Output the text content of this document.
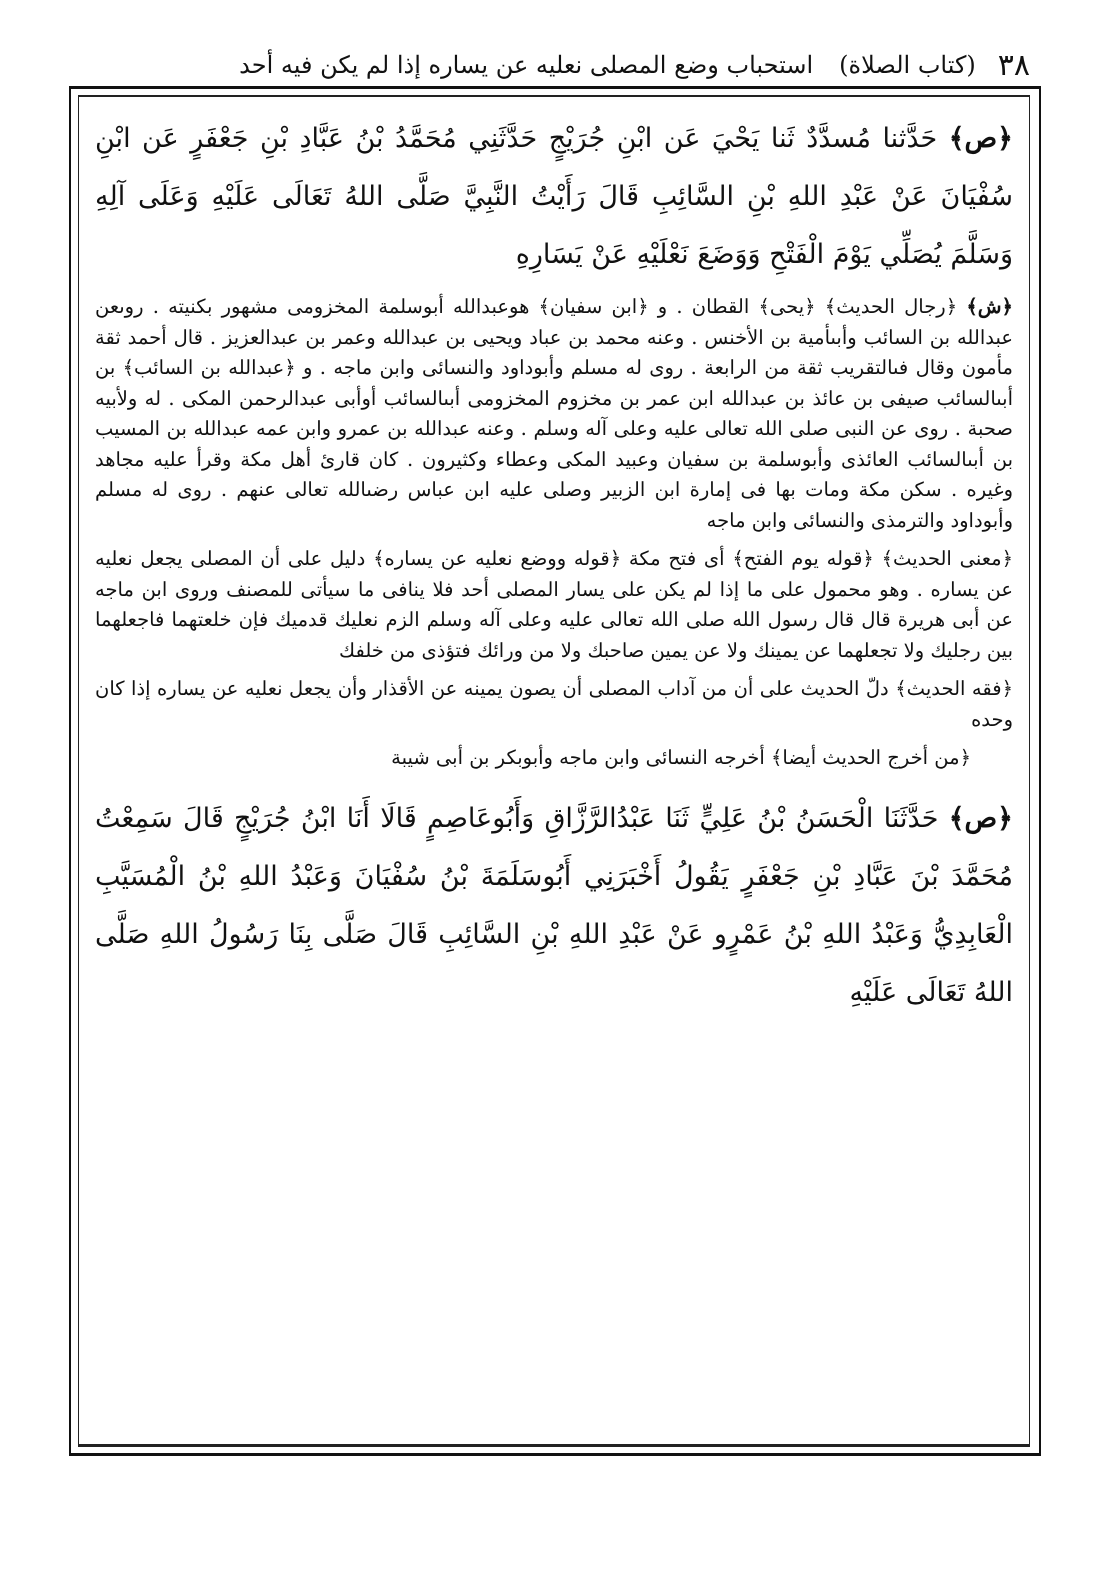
٣٨
(كتاب الصلاة)
استحباب وضع المصلى نعليه عن يساره إذا لم يكن فيه أحد

﴿ص﴾ حَدَّثنا مُسدَّدٌ ثَنا يَحْيَ عَن ابْنِ جُرَيْجٍ حَدَّثَنِي مُحَمَّدُ بْنُ عَبَّادِ بْنِ جَعْفَرٍ عَن ابْنِ سُفْيَانَ عَنْ عَبْدِ اللهِ بْنِ السَّائِبِ قَالَ رَأَيْتُ النَّبِيَّ صَلَّى اللهُ تَعَالَى عَلَيْهِ وَعَلَى آلِهِ وَسَلَّمَ يُصَلِّي يَوْمَ الْفَتْحِ وَوَضَعَ نَعْلَيْهِ عَنْ يَسَارِهِ

﴿ش﴾ ﴿رجال الحديث﴾ ﴿يحى﴾ القطان . و ﴿ابن سفيان﴾ هوعبدالله أبوسلمة المخزومى مشهور بكنيته . روىعن عبدالله بن السائب وأبىأمية بن الأخنس . وعنه محمد بن عباد ويحيى بن عبدالله وعمر بن عبدالعزيز . قال أحمد ثقة مأمون وقال فىالتقريب ثقة من الرابعة . روى له مسلم وأبوداود والنسائى وابن ماجه . و ﴿عبدالله بن السائب﴾ بن أبىالسائب صيفى بن عائذ بن عبدالله ابن عمر بن مخزوم المخزومى أبىالسائب أوأبى عبدالرحمن المكى . له ولأبيه صحبة . روى عن النبى صلى الله تعالى عليه وعلى آله وسلم . وعنه عبدالله بن عمرو وابن عمه عبدالله بن المسيب بن أبىالسائب العائذى وأبوسلمة بن سفيان وعبيد المكى وعطاء وكثيرون . كان قارئ أهل مكة وقرأ عليه مجاهد وغيره . سكن مكة ومات بها فى إمارة ابن الزبير وصلى عليه ابن عباس رضىالله تعالى عنهم . روى له مسلم وأبوداود والترمذى والنسائى وابن ماجه

﴿معنى الحديث﴾ ﴿قوله يوم الفتح﴾ أى فتح مكة ﴿قوله ووضع نعليه عن يساره﴾ دليل على أن المصلى يجعل نعليه عن يساره . وهو محمول على ما إذا لم يكن على يسار المصلى أحد فلا ينافى ما سيأتى للمصنف وروى ابن ماجه عن أبى هريرة قال قال رسول الله صلى الله تعالى عليه وعلى آله وسلم الزم نعليك قدميك فإن خلعتهما فاجعلهما بين رجليك ولا تجعلهما عن يمينك ولا عن يمين صاحبك ولا من ورائك فتؤذى من خلفك

﴿فقه الحديث﴾ دلّ الحديث على أن من آداب المصلى أن يصون يمينه عن الأقذار وأن يجعل نعليه عن يساره إذا كان وحده

﴿من أخرج الحديث أيضا﴾ أخرجه النسائى وابن ماجه وأبوبكر بن أبى شيبة

﴿ص﴾ حَدَّثَنَا الْحَسَنُ بْنُ عَلِيٍّ ثَنَا عَبْدُالرَّزَّاقِ وَأَبُوعَاصِمٍ قَالَا أَنَا ابْنُ جُرَيْجٍ قَالَ سَمِعْتُ مُحَمَّدَ بْنَ عَبَّادِ بْنِ جَعْفَرٍ يَقُولُ أَخْبَرَنِي أَبُوسَلَمَةَ بْنُ سُفْيَانَ وَعَبْدُ اللهِ بْنُ الْمُسَيَّبِ الْعَابِدِيُّ وَعَبْدُ اللهِ بْنُ عَمْرٍو عَنْ عَبْدِ اللهِ بْنِ السَّائِبِ قَالَ صَلَّى بِنَا رَسُولُ اللهِ صَلَّى اللهُ تَعَالَى عَلَيْهِ
